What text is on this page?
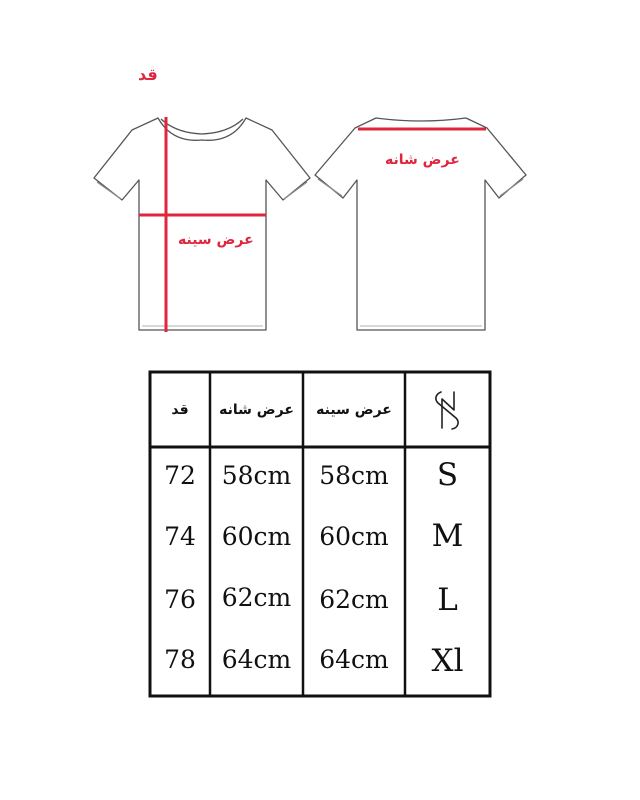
قد
عرض سینه
عرض شانه
قد	عرض شانه	عرض سینه
72	58cm	58cm	S
74	60cm	60cm	M
76	62cm	62cm	L
78	64cm	64cm	Xl
